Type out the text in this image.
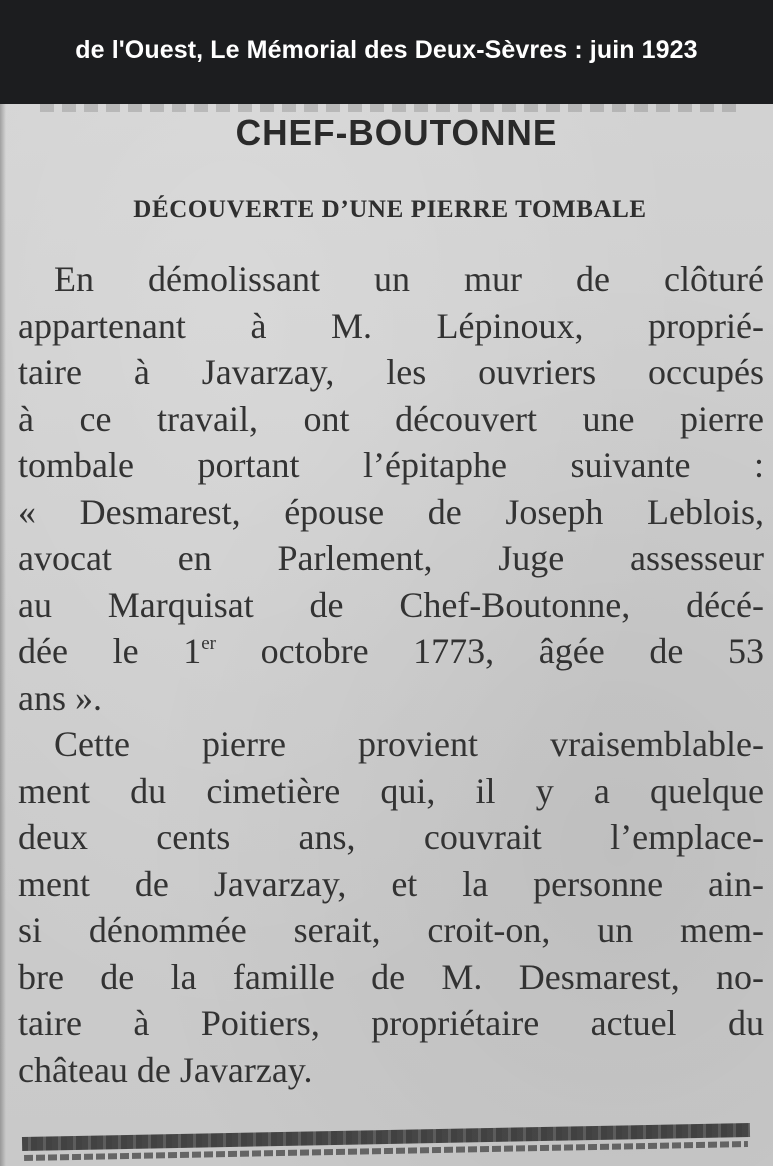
de l'Ouest, Le Mémorial des Deux-Sèvres : juin 1923
CHEF-BOUTONNE
DÉCOUVERTE D’UNE PIERRE TOMBALE
En démolissant un mur de clôturé
appartenant à M. Lépinoux, proprié-
taire à Javarzay, les ouvriers occupés
à ce travail, ont découvert une pierre
tombale portant l’épitaphe suivante :
« Desmarest, épouse de Joseph Leblois,
avocat en Parlement, Juge assesseur
au Marquisat de Chef-Boutonne, décé-
dée le 1er octobre 1773, âgée de 53
ans ».
Cette pierre provient vraisemblable-
ment du cimetière qui, il y a quelque
deux cents ans, couvrait l’emplace-
ment de Javarzay, et la personne ain-
si dénommée serait, croit-on, un mem-
bre de la famille de M. Desmarest, no-
taire à Poitiers, propriétaire actuel du
château de Javarzay.
